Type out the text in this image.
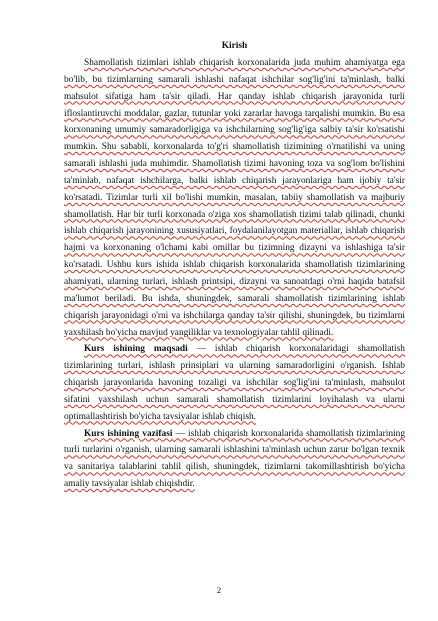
Kirish

Shamollatish tizimlari ishlab chiqarish korxonalarida juda muhim ahamiyatga ega bo'lib, bu tizimlarning samarali ishlashi nafaqat ishchilar sog'lig'ini ta'minlash, balki mahsulot sifatiga ham ta'sir qiladi. Har qanday ishlab chiqarish jarayonida turli ifloslantiruvchi moddalar, gazlar, tutunlar yoki zararlar havoga tarqalishi mumkin. Bu esa korxonaning umumiy samaradorligiga va ishchilarning sog'lig'iga salbiy ta'sir ko'rsatishi mumkin. Shu sababli, korxonalarda to'g'ri shamollatish tizimining o'rnatilishi va uning samarali ishlashi juda muhimdir. Shamollatish tizimi havoning toza va sog'lom bo'lishini ta'minlab, nafaqat ishchilarga, balki ishlab chiqarish jarayonlariga ham ijobiy ta'sir ko'rsatadi. Tizimlar turli xil bo'lishi mumkin, masalan, tabiiy shamollatish va majburiy shamollatish. Har bir turli korxonada o'ziga xos shamollatish tizimi talab qilinadi, chunki ishlab chiqarish jarayonining xususiyatlari, foydalanilayotgan materiallar, ishlab chiqarish hajmi va korxonaning o'lchami kabi omillar bu tizimning dizayni va ishlashiga ta'sir ko'rsatadi. Ushbu kurs ishida ishlab chiqarish korxonalarida shamollatish tizimlarining ahamiyati, ularning turlari, ishlash printsipi, dizayni va sanoatdagi o'rni haqida batafsil ma'lumot beriladi. Bu ishda, shuningdek, samarali shamollatish tizimlarining ishlab chiqarish jarayonidagi o'rni va ishchilarga qanday ta'sir qilishi, shuningdek, bu tizimlarni yaxshilash bo'yicha mavjud yangiliklar va texnologiyalar tahlil qilinadi.

Kurs ishining maqsadi — ishlab chiqarish korxonalaridagi shamollatish tizimlarining turlari, ishlash prinsiplari va ularning samaradorligini o'rganish. Ishlab chiqarish jarayonlarida havoning tozaligi va ishchilar sog'lig'ini ta'minlash, mahsulot sifatini yaxshilash uchun samarali shamollatish tizimlarini loyihalash va ularni optimallashtirish bo'yicha tavsiyalar ishlab chiqish.

Kurs ishining vazifasi — ishlab chiqarish korxonalarida shamollatish tizimlarining turli turlarini o'rganish, ularning samarali ishlashini ta'minlash uchun zarur bo'lgan texnik va sanitariya talablarini tahlil qilish, shuningdek, tizimlarni takomillashtirish bo'yicha amaliy tavsiyalar ishlab chiqishdir.

2
